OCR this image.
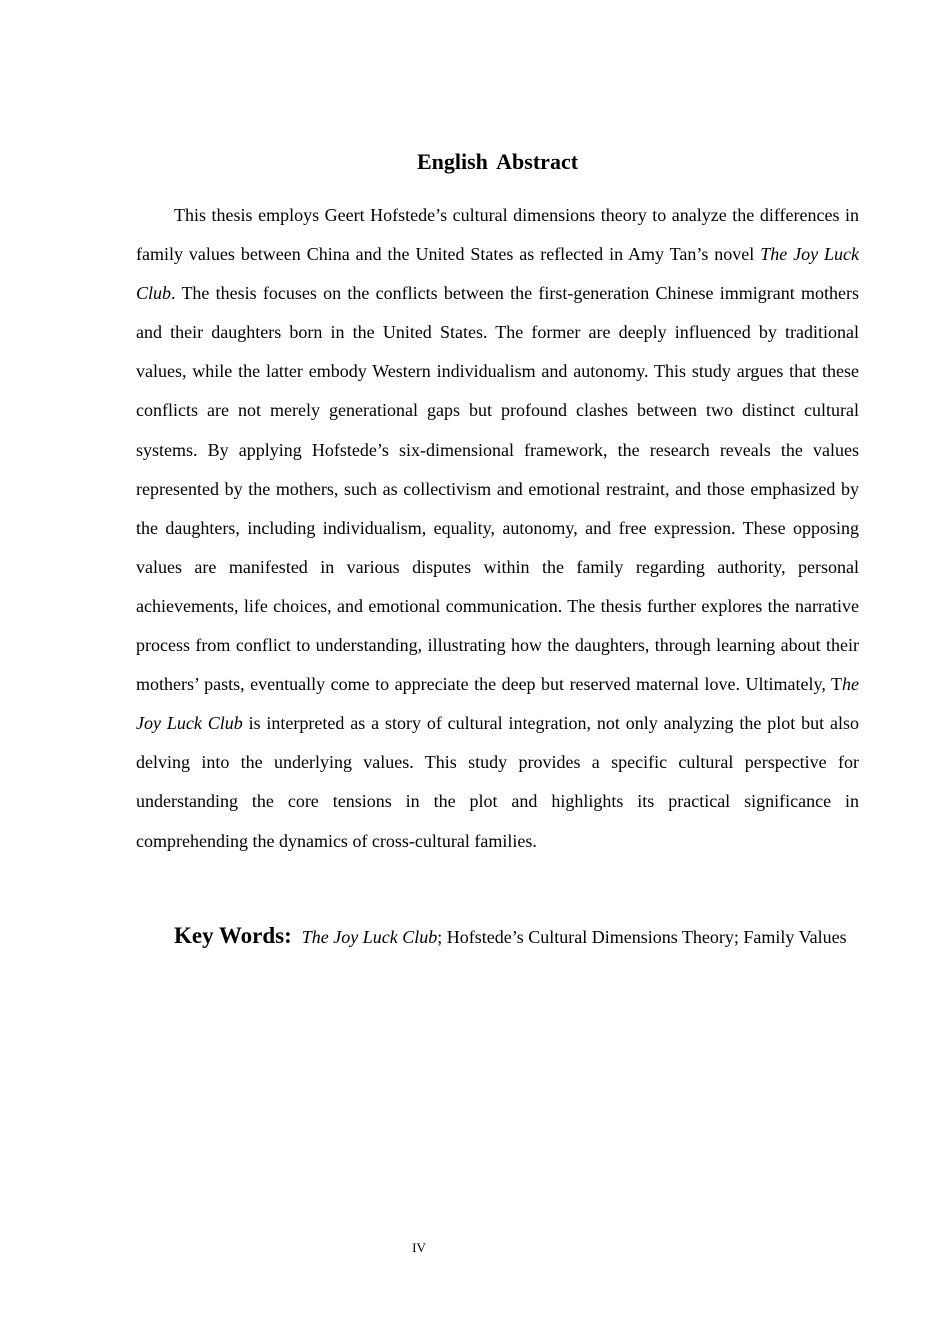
English Abstract

This thesis employs Geert Hofstede’s cultural dimensions theory to analyze the differences in family values between China and the United States as reflected in Amy Tan’s novel The Joy Luck Club. The thesis focuses on the conflicts between the first-generation Chinese immigrant mothers and their daughters born in the United States. The former are deeply influenced by traditional values, while the latter embody Western individualism and autonomy. This study argues that these conflicts are not merely generational gaps but profound clashes between two distinct cultural systems. By applying Hofstede’s six-dimensional framework, the research reveals the values represented by the mothers, such as collectivism and emotional restraint, and those emphasized by the daughters, including individualism, equality, autonomy, and free expression. These opposing values are manifested in various disputes within the family regarding authority, personal achievements, life choices, and emotional communication. The thesis further explores the narrative process from conflict to understanding, illustrating how the daughters, through learning about their mothers’ pasts, eventually come to appreciate the deep but reserved maternal love. Ultimately, The Joy Luck Club is interpreted as a story of cultural integration, not only analyzing the plot but also delving into the underlying values. This study provides a specific cultural perspective for understanding the core tensions in the plot and highlights its practical significance in comprehending the dynamics of cross-cultural families.

Key Words: The Joy Luck Club; Hofstede’s Cultural Dimensions Theory; Family Values

IV
